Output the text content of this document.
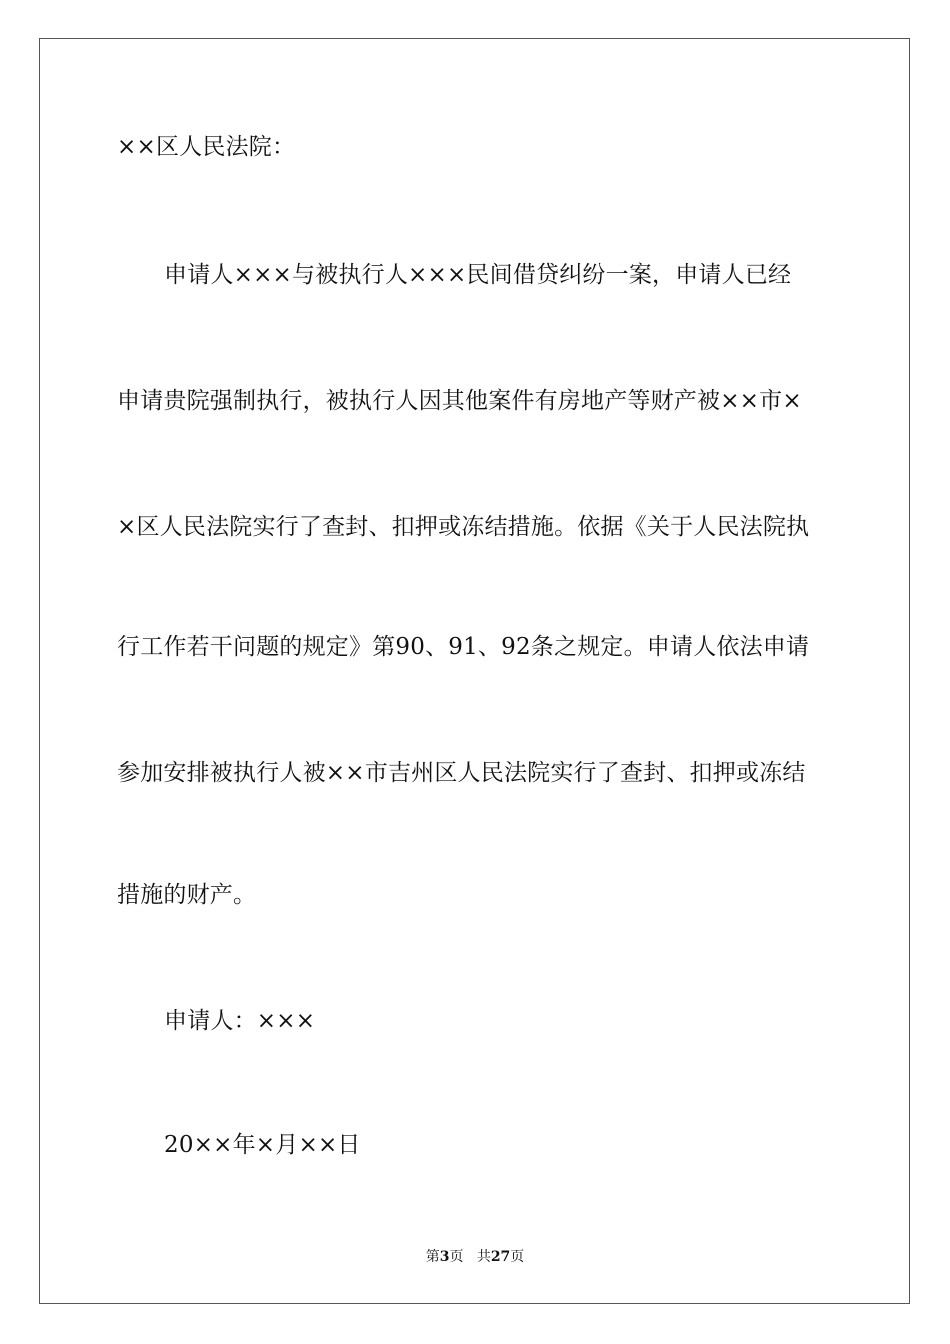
××区人民法院：
申请人×××与被执行人×××民间借贷纠纷一案，申请人已经
申请贵院强制执行，被执行人因其他案件有房地产等财产被××市×
×区人民法院实行了查封、扣押或冻结措施。依据《关于人民法院执
行工作若干问题的规定》第90、91、92条之规定。申请人依法申请
参加安排被执行人被××市吉州区人民法院实行了查封、扣押或冻结
措施的财产。
申请人：×××
20××年×月××日
第3页 共27页
